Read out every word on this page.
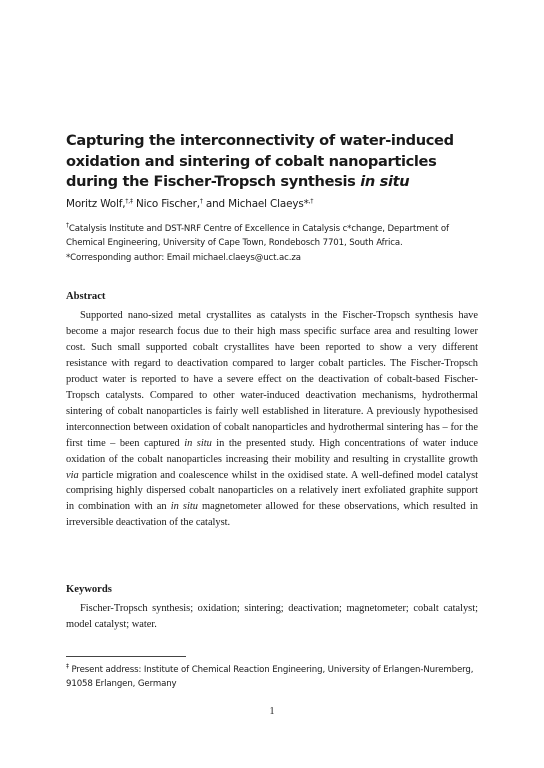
Capturing the interconnectivity of water-induced oxidation and sintering of cobalt nanoparticles during the Fischer-Tropsch synthesis in situ
Moritz Wolf,†,‡ Nico Fischer,† and Michael Claeys*,†
†Catalysis Institute and DST-NRF Centre of Excellence in Catalysis c*change, Department of Chemical Engineering, University of Cape Town, Rondebosch 7701, South Africa.
*Corresponding author: Email michael.claeys@uct.ac.za
Abstract

Supported nano-sized metal crystallites as catalysts in the Fischer-Tropsch synthesis have become a major research focus due to their high mass specific surface area and resulting lower cost. Such small supported cobalt crystallites have been reported to show a very different resistance with regard to deactivation compared to larger cobalt particles. The Fischer-Tropsch product water is reported to have a severe effect on the deactivation of cobalt-based Fischer-Tropsch catalysts. Compared to other water-induced deactivation mechanisms, hydrothermal sintering of cobalt nanoparticles is fairly well established in literature. A previously hypothesised interconnection between oxidation of cobalt nanoparticles and hydrothermal sintering has – for the first time – been captured in situ in the presented study. High concentrations of water induce oxidation of the cobalt nanoparticles increasing their mobility and resulting in crystallite growth via particle migration and coalescence whilst in the oxidised state. A well-defined model catalyst comprising highly dispersed cobalt nanoparticles on a relatively inert exfoliated graphite support in combination with an in situ magnetometer allowed for these observations, which resulted in irreversible deactivation of the catalyst.

Keywords

Fischer-Tropsch synthesis; oxidation; sintering; deactivation; magnetometer; cobalt catalyst; model catalyst; water.

‡ Present address: Institute of Chemical Reaction Engineering, University of Erlangen-Nuremberg, 91058 Erlangen, Germany
1
